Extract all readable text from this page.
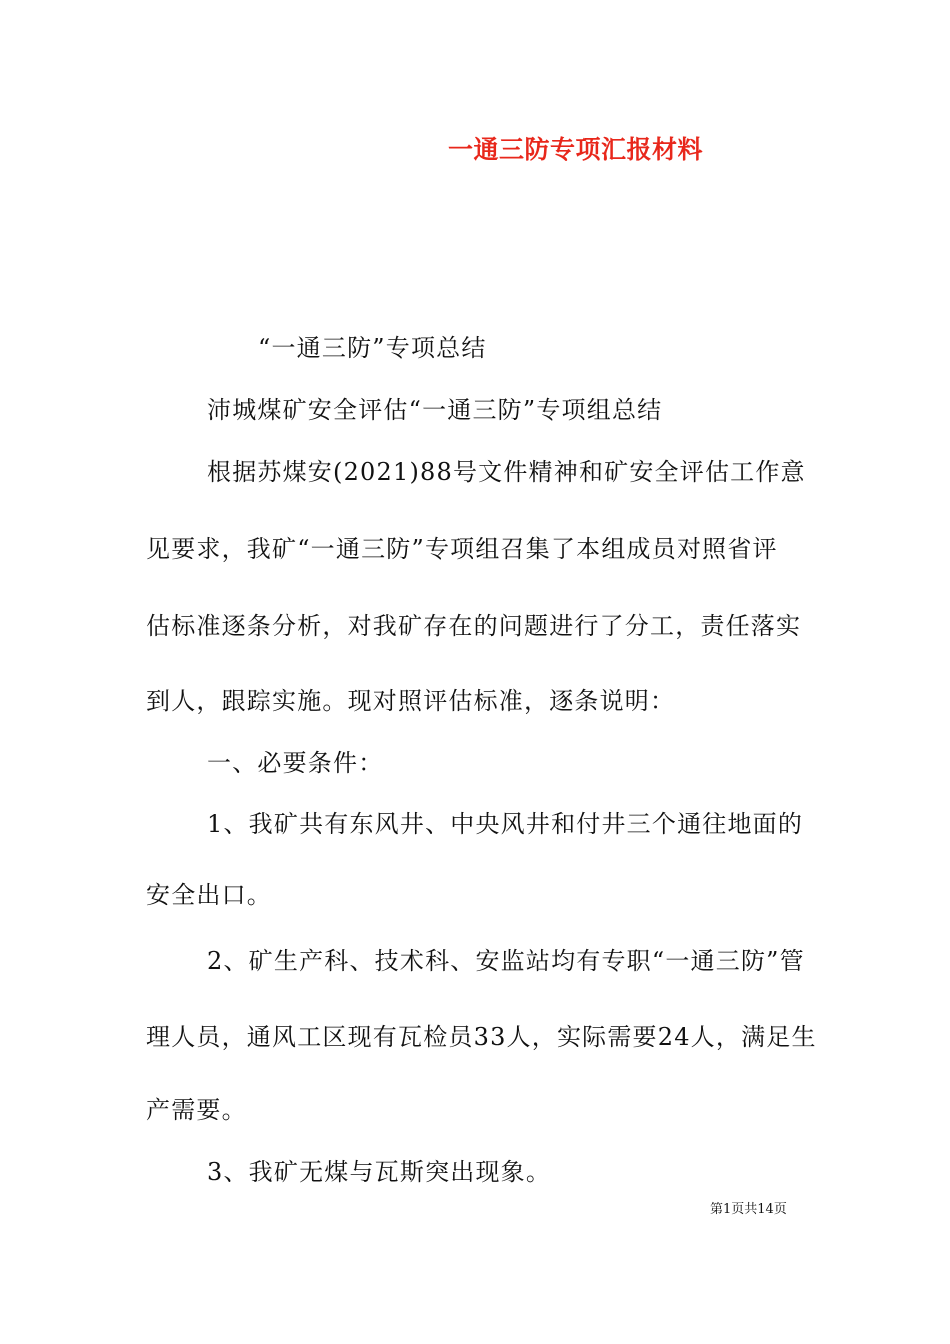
一通三防专项汇报材料
“一通三防”专项总结
沛城煤矿安全评估“一通三防”专项组总结
根据苏煤安(2021)88号文件精神和矿安全评估工作意
见要求，我矿“一通三防”专项组召集了本组成员对照省评
估标准逐条分析，对我矿存在的问题进行了分工，责任落实
到人，跟踪实施。现对照评估标准，逐条说明：
一、必要条件：
1、我矿共有东风井、中央风井和付井三个通往地面的
安全出口。
2、矿生产科、技术科、安监站均有专职“一通三防”管
理人员，通风工区现有瓦检员33人，实际需要24人，满足生
产需要。
3、我矿无煤与瓦斯突出现象。
第1页共14页
